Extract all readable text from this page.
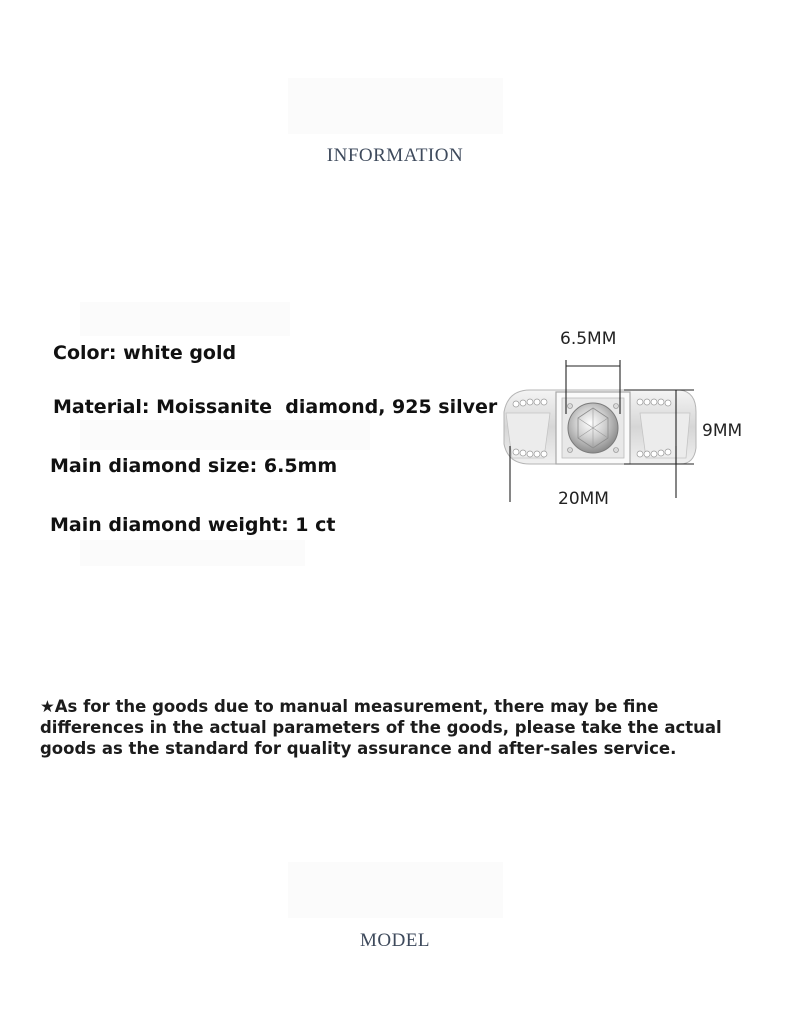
INFORMATION
Color: white gold
Material: Moissanite  diamond, 925 silver
Main diamond size: 6.5mm
Main diamond weight: 1 ct
6.5MM
9MM
20MM
★As for the goods due to manual measurement, there may be fine differences in the actual parameters of the goods, please take the actual goods as the standard for quality assurance and after-sales service.
MODEL
